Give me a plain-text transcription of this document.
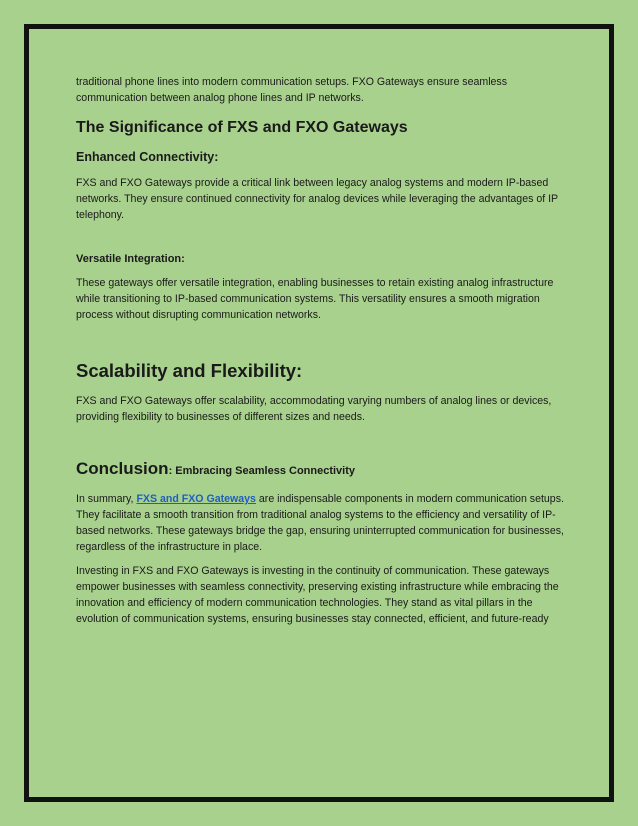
traditional phone lines into modern communication setups. FXO Gateways ensure seamless communication between analog phone lines and IP networks.

The Significance of FXS and FXO Gateways
Enhanced Connectivity:

FXS and FXO Gateways provide a critical link between legacy analog systems and modern IP-based networks. They ensure continued connectivity for analog devices while leveraging the advantages of IP telephony.

Versatile Integration:

These gateways offer versatile integration, enabling businesses to retain existing analog infrastructure while transitioning to IP-based communication systems. This versatility ensures a smooth migration process without disrupting communication networks.

Scalability and Flexibility:

FXS and FXO Gateways offer scalability, accommodating varying numbers of analog lines or devices, providing flexibility to businesses of different sizes and needs.

Conclusion: Embracing Seamless Connectivity

In summary, FXS and FXO Gateways are indispensable components in modern communication setups. They facilitate a smooth transition from traditional analog systems to the efficiency and versatility of IP-based networks. These gateways bridge the gap, ensuring uninterrupted communication for businesses, regardless of the infrastructure in place.

Investing in FXS and FXO Gateways is investing in the continuity of communication. These gateways empower businesses with seamless connectivity, preserving existing infrastructure while embracing the innovation and efficiency of modern communication technologies. They stand as vital pillars in the evolution of communication systems, ensuring businesses stay connected, efficient, and future-ready
